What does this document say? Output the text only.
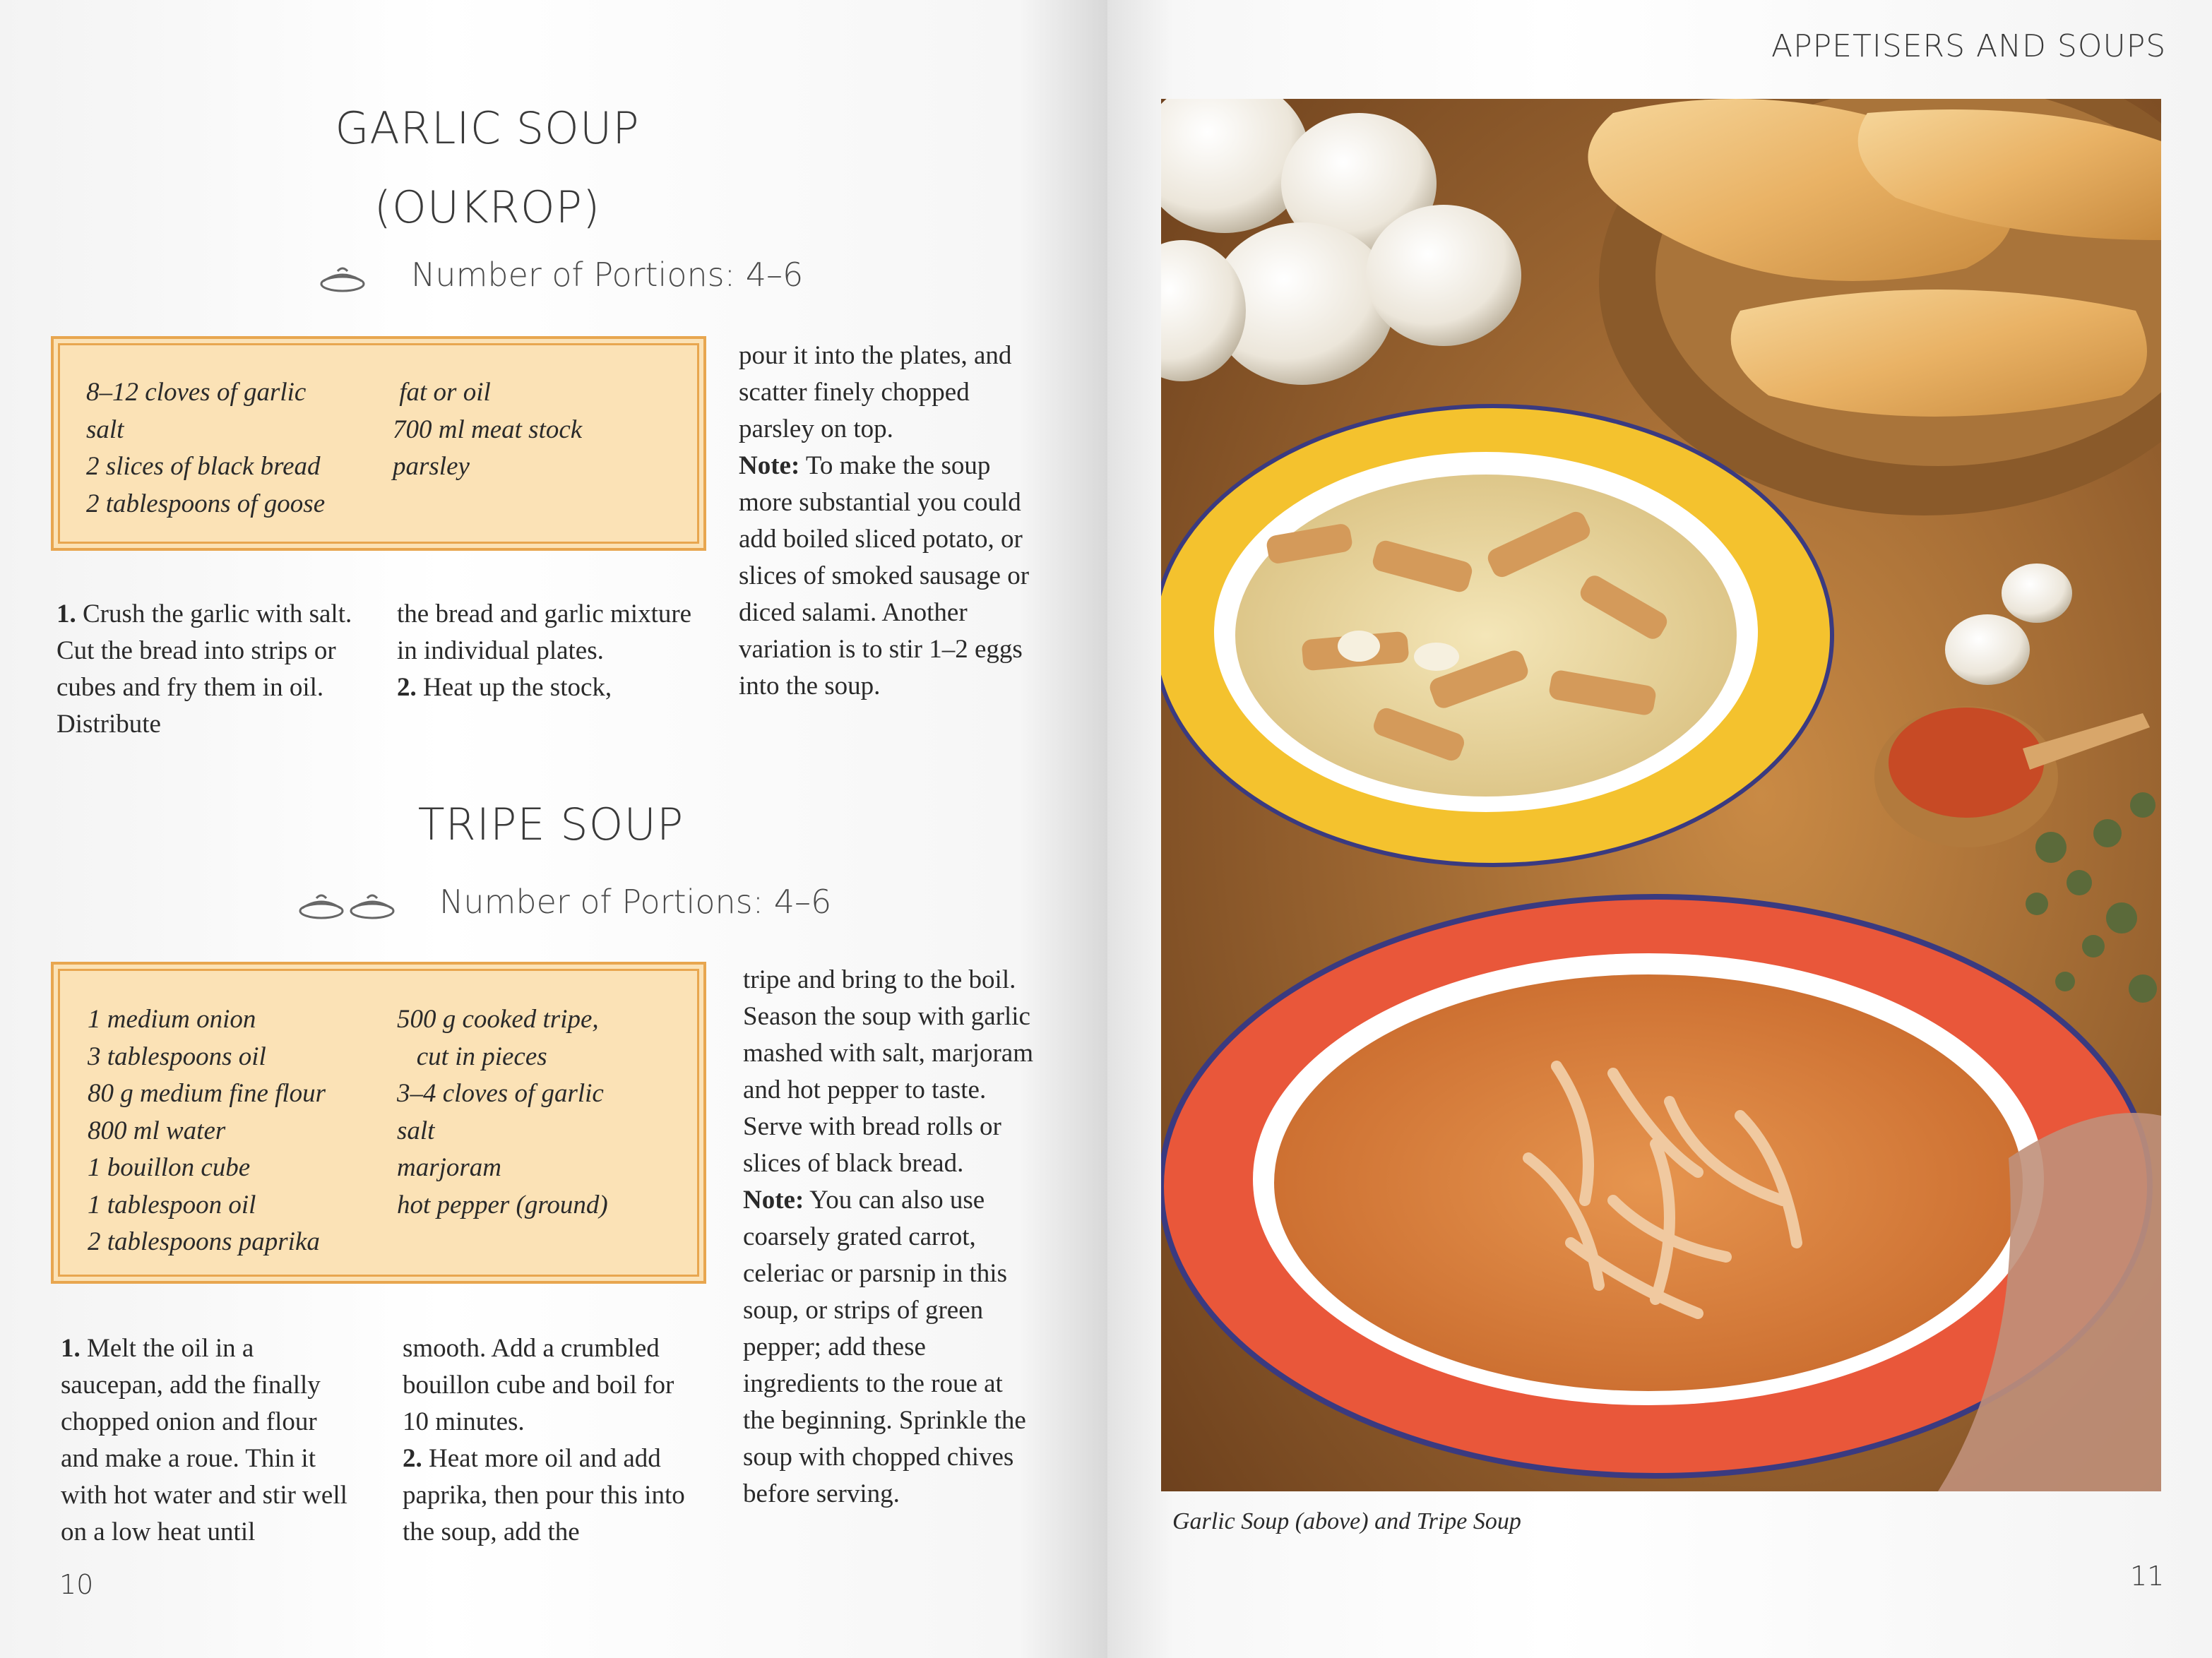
GARLIC SOUP
(OUKROP)
Number of Portions: 4–6
8–12 cloves of garlic
salt
2 slices of black bread
2 tablespoons of goose
fat or oil
700 ml meat stock
parsley

1. Crush the garlic with salt. Cut the bread into strips or cubes and fry them in oil. Distribute

the bread and garlic mixture in individual plates.

2. Heat up the stock,

pour it into the plates, and scatter finely chopped parsley on top.

Note: To make the soup more substantial you could add boiled sliced potato, or slices of smoked sausage or diced salami. Another variation is to stir 1–2 eggs into the soup.

TRIPE SOUP
Number of Portions: 4–6
1 medium onion
3 tablespoons oil
80 g medium fine flour
800 ml water
1 bouillon cube
1 tablespoon oil
2 tablespoons paprika
500 g cooked tripe,
cut in pieces
3–4 cloves of garlic
salt
marjoram
hot pepper (ground)

1. Melt the oil in a saucepan, add the finally chopped onion and flour and make a roue. Thin it with hot water and stir well on a low heat until

smooth. Add a crumbled bouillon cube and boil for 10 minutes.

2. Heat more oil and add paprika, then pour this into the soup, add the

tripe and bring to the boil. Season the soup with garlic mashed with salt, marjoram and hot pepper to taste. Serve with bread rolls or slices of black bread.

Note: You can also use coarsely grated carrot, celeriac or parsnip in this soup, or strips of green pepper; add these ingredients to the roue at the beginning. Sprinkle the soup with chopped chives before serving.

10
APPETISERS AND SOUPS
Garlic Soup (above) and Tripe Soup
11
